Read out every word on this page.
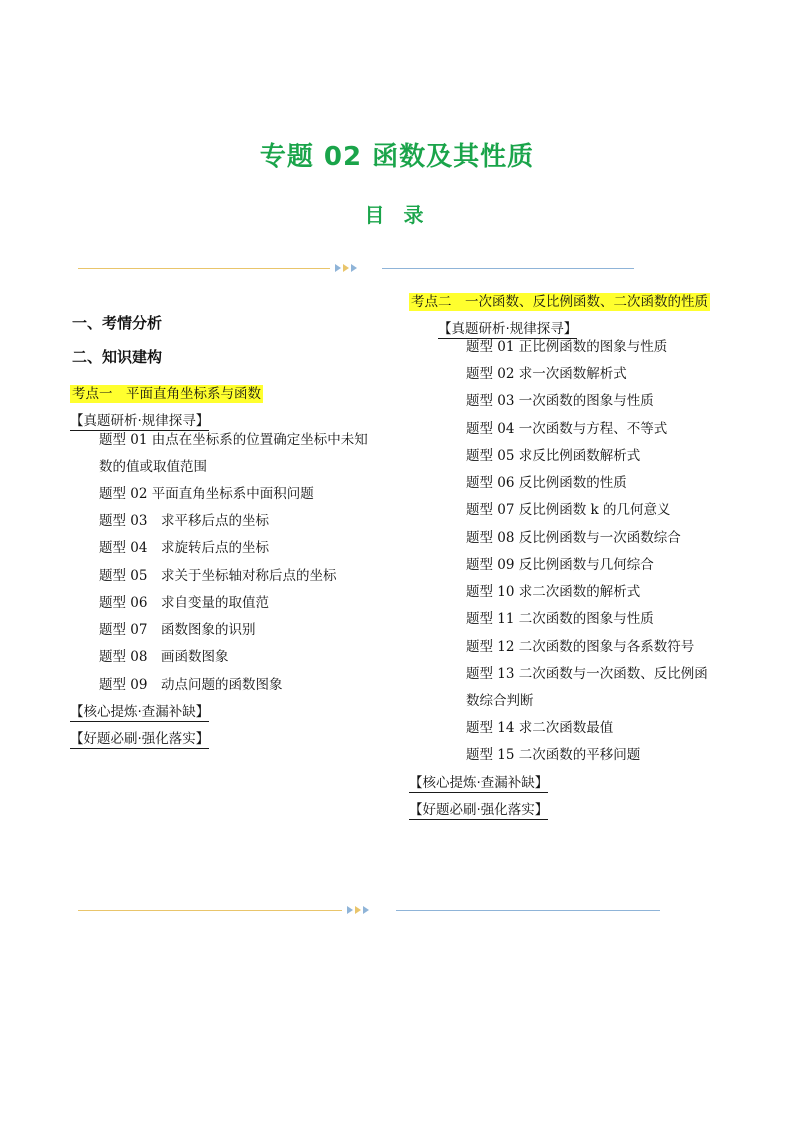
专题 02 函数及其性质
目 录
一、考情分析
二、知识建构
考点一　平面直角坐标系与函数
【真题研析·规律探寻】
题型 01 由点在坐标系的位置确定坐标中未知
数的值或取值范围
题型 02 平面直角坐标系中面积问题
题型 03　求平移后点的坐标
题型 04　求旋转后点的坐标
题型 05　求关于坐标轴对称后点的坐标
题型 06　求自变量的取值范
题型 07　函数图象的识别
题型 08　画函数图象
题型 09　动点问题的函数图象
【核心提炼·查漏补缺】
【好题必刷·强化落实】
考点二　一次函数、反比例函数、二次函数的性质
【真题研析·规律探寻】
题型 01 正比例函数的图象与性质
题型 02 求一次函数解析式
题型 03 一次函数的图象与性质
题型 04 一次函数与方程、不等式
题型 05 求反比例函数解析式
题型 06 反比例函数的性质
题型 07 反比例函数 k 的几何意义
题型 08 反比例函数与一次函数综合
题型 09 反比例函数与几何综合
题型 10 求二次函数的解析式
题型 11 二次函数的图象与性质
题型 12 二次函数的图象与各系数符号
题型 13 二次函数与一次函数、反比例函
数综合判断
题型 14 求二次函数最值
题型 15 二次函数的平移问题
【核心提炼·查漏补缺】
【好题必刷·强化落实】
